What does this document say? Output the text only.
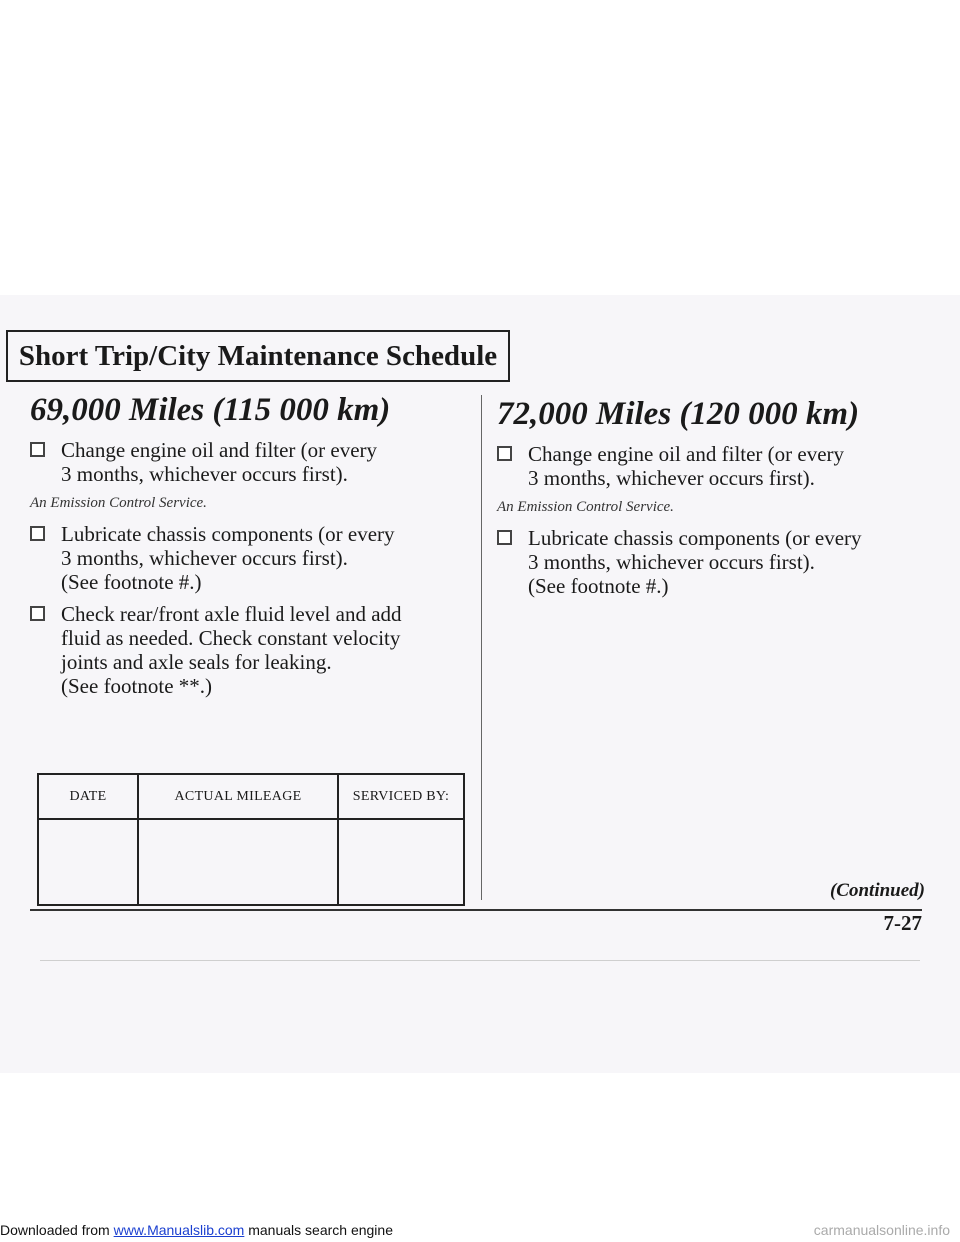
Short Trip/City Maintenance Schedule
69,000 Miles (115 000 km)
Change engine oil and filter (or every
3 months, whichever occurs first).
An Emission Control Service.
Lubricate chassis components (or every
3 months, whichever occurs first).
(See footnote #.)
Check rear/front axle fluid level and add
fluid as needed. Check constant velocity
joints and axle seals for leaking.
(See footnote **.)
72,000 Miles (120 000 km)
Change engine oil and filter (or every
3 months, whichever occurs first).
An Emission Control Service.
Lubricate chassis components (or every
3 months, whichever occurs first).
(See footnote #.)
DATE	ACTUAL MILEAGE	SERVICED BY:

(Continued)
7-27
Downloaded from www.Manualslib.com manuals search engine	carmanualsonline.info
